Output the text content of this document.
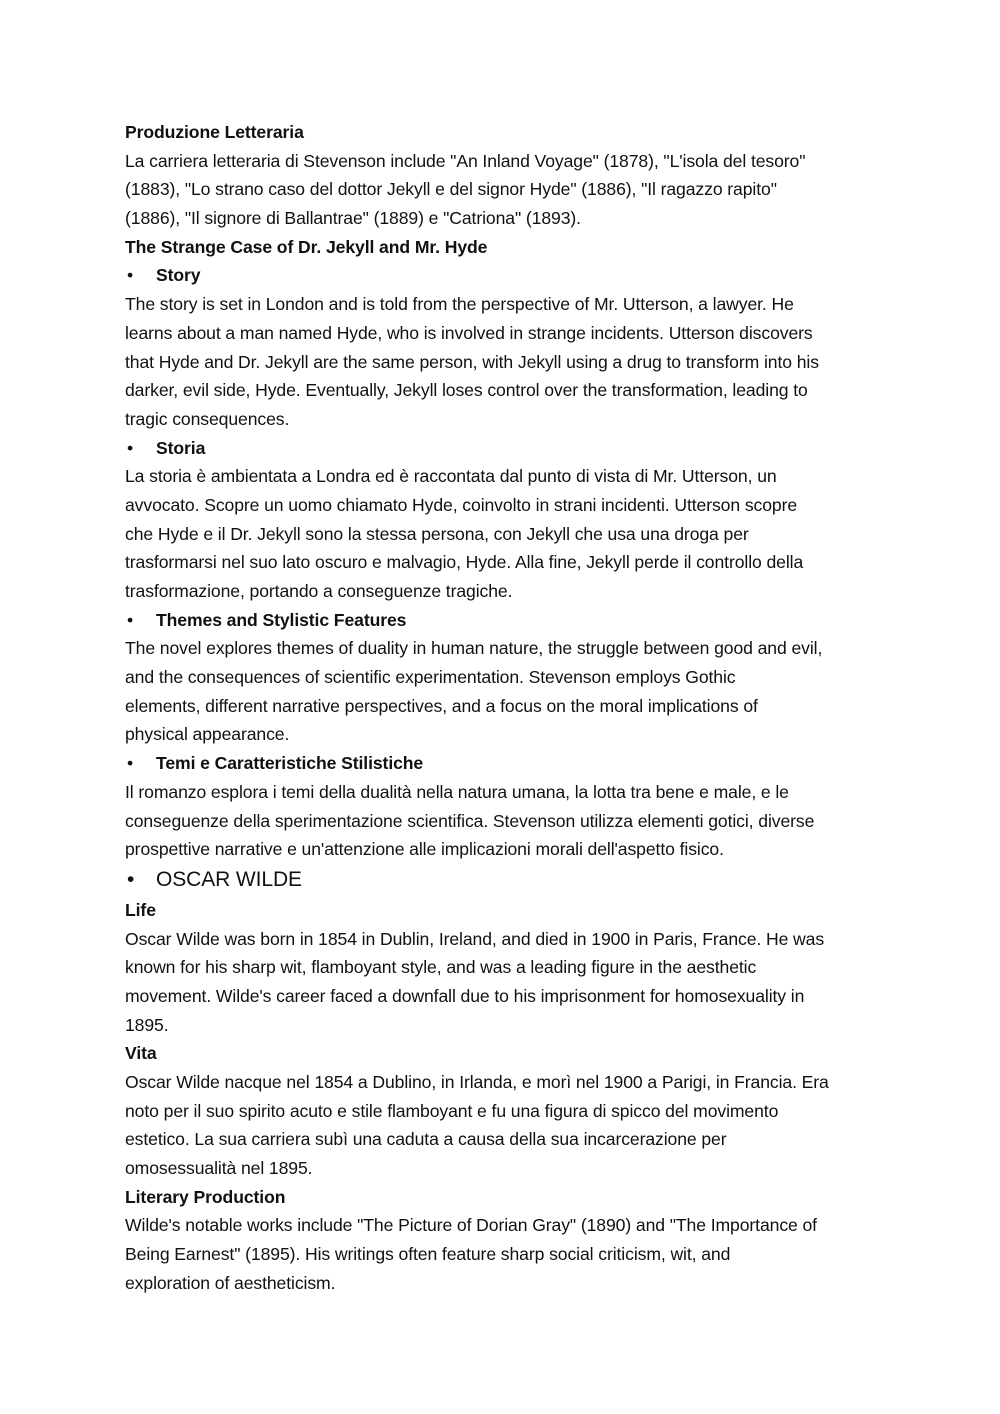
Produzione Letteraria
La carriera letteraria di Stevenson include "An Inland Voyage" (1878), "L'isola del tesoro"
(1883), "Lo strano caso del dottor Jekyll e del signor Hyde" (1886), "Il ragazzo rapito"
(1886), "Il signore di Ballantrae" (1889) e "Catriona" (1893).
The Strange Case of Dr. Jekyll and Mr. Hyde
• Story
The story is set in London and is told from the perspective of Mr. Utterson, a lawyer. He
learns about a man named Hyde, who is involved in strange incidents. Utterson discovers
that Hyde and Dr. Jekyll are the same person, with Jekyll using a drug to transform into his
darker, evil side, Hyde. Eventually, Jekyll loses control over the transformation, leading to
tragic consequences.
• Storia
La storia è ambientata a Londra ed è raccontata dal punto di vista di Mr. Utterson, un
avvocato. Scopre un uomo chiamato Hyde, coinvolto in strani incidenti. Utterson scopre
che Hyde e il Dr. Jekyll sono la stessa persona, con Jekyll che usa una droga per
trasformarsi nel suo lato oscuro e malvagio, Hyde. Alla fine, Jekyll perde il controllo della
trasformazione, portando a conseguenze tragiche.
• Themes and Stylistic Features
The novel explores themes of duality in human nature, the struggle between good and evil,
and the consequences of scientific experimentation. Stevenson employs Gothic
elements, different narrative perspectives, and a focus on the moral implications of
physical appearance.
• Temi e Caratteristiche Stilistiche
Il romanzo esplora i temi della dualità nella natura umana, la lotta tra bene e male, e le
conseguenze della sperimentazione scientifica. Stevenson utilizza elementi gotici, diverse
prospettive narrative e un'attenzione alle implicazioni morali dell'aspetto fisico.
• OSCAR WILDE
Life
Oscar Wilde was born in 1854 in Dublin, Ireland, and died in 1900 in Paris, France. He was
known for his sharp wit, flamboyant style, and was a leading figure in the aesthetic
movement. Wilde's career faced a downfall due to his imprisonment for homosexuality in
1895.
Vita
Oscar Wilde nacque nel 1854 a Dublino, in Irlanda, e morì nel 1900 a Parigi, in Francia. Era
noto per il suo spirito acuto e stile flamboyant e fu una figura di spicco del movimento
estetico. La sua carriera subì una caduta a causa della sua incarcerazione per
omosessualità nel 1895.
Literary Production
Wilde's notable works include "The Picture of Dorian Gray" (1890) and "The Importance of
Being Earnest" (1895). His writings often feature sharp social criticism, wit, and
exploration of aestheticism.
